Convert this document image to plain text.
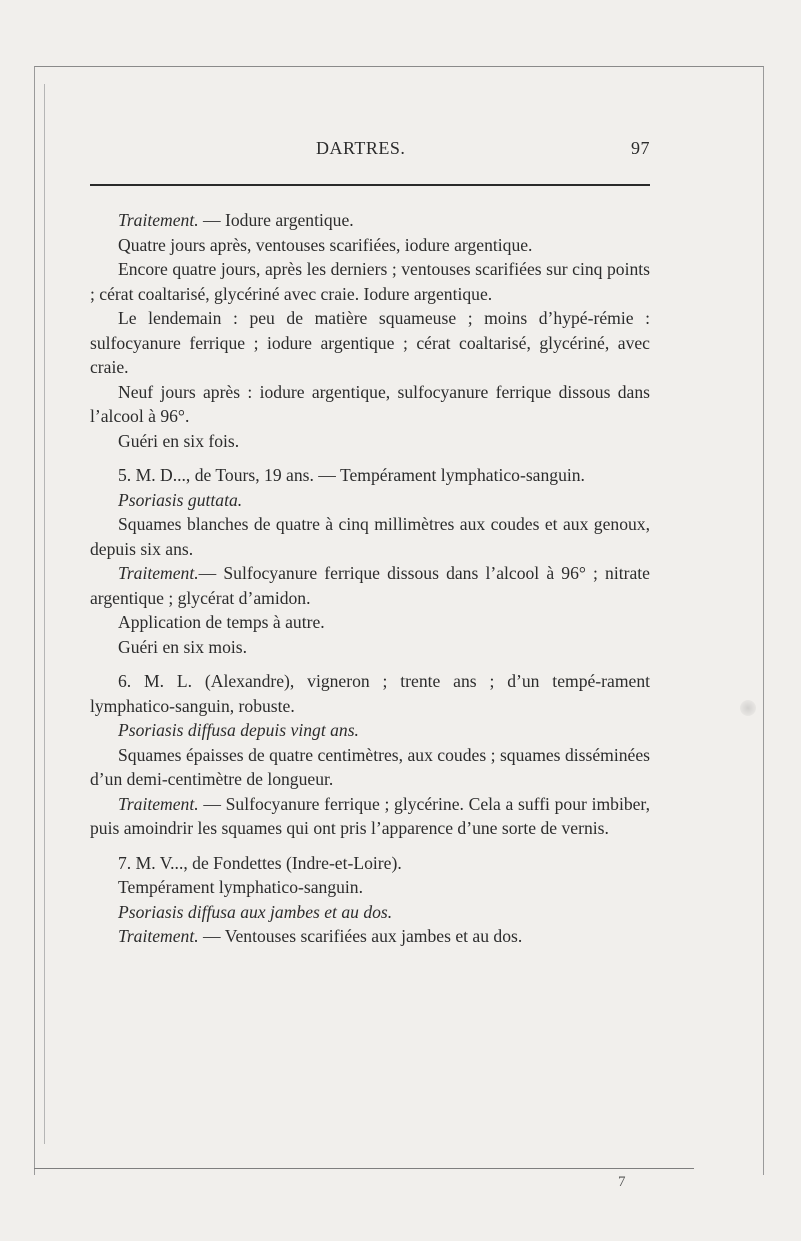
DARTRES.	97

Traitement. — Iodure argentique.

Quatre jours après, ventouses scarifiées, iodure argentique.

Encore quatre jours, après les derniers ; ventouses scarifiées sur cinq points ; cérat coaltarisé, glycériné avec craie. Iodure argentique.

Le lendemain : peu de matière squameuse ; moins d’hypé-rémie : sulfocyanure ferrique ; iodure argentique ; cérat coaltarisé, glycériné, avec craie.

Neuf jours après : iodure argentique, sulfocyanure ferrique dissous dans l’alcool à 96°.

Guéri en six fois.

5. M. D..., de Tours, 19 ans. — Tempérament lymphatico-sanguin.

Psoriasis guttata.

Squames blanches de quatre à cinq millimètres aux coudes et aux genoux, depuis six ans.

Traitement.— Sulfocyanure ferrique dissous dans l’alcool à 96° ; nitrate argentique ; glycérat d’amidon.

Application de temps à autre.

Guéri en six mois.

6. M. L. (Alexandre), vigneron ; trente ans ; d’un tempé-rament lymphatico-sanguin, robuste.

Psoriasis diffusa depuis vingt ans.

Squames épaisses de quatre centimètres, aux coudes ; squames disséminées d’un demi-centimètre de longueur.

Traitement. — Sulfocyanure ferrique ; glycérine. Cela a suffi pour imbiber, puis amoindrir les squames qui ont pris l’apparence d’une sorte de vernis.

7. M. V..., de Fondettes (Indre-et-Loire).

Tempérament lymphatico-sanguin.

Psoriasis diffusa aux jambes et au dos.

Traitement. — Ventouses scarifiées aux jambes et au dos.

7
